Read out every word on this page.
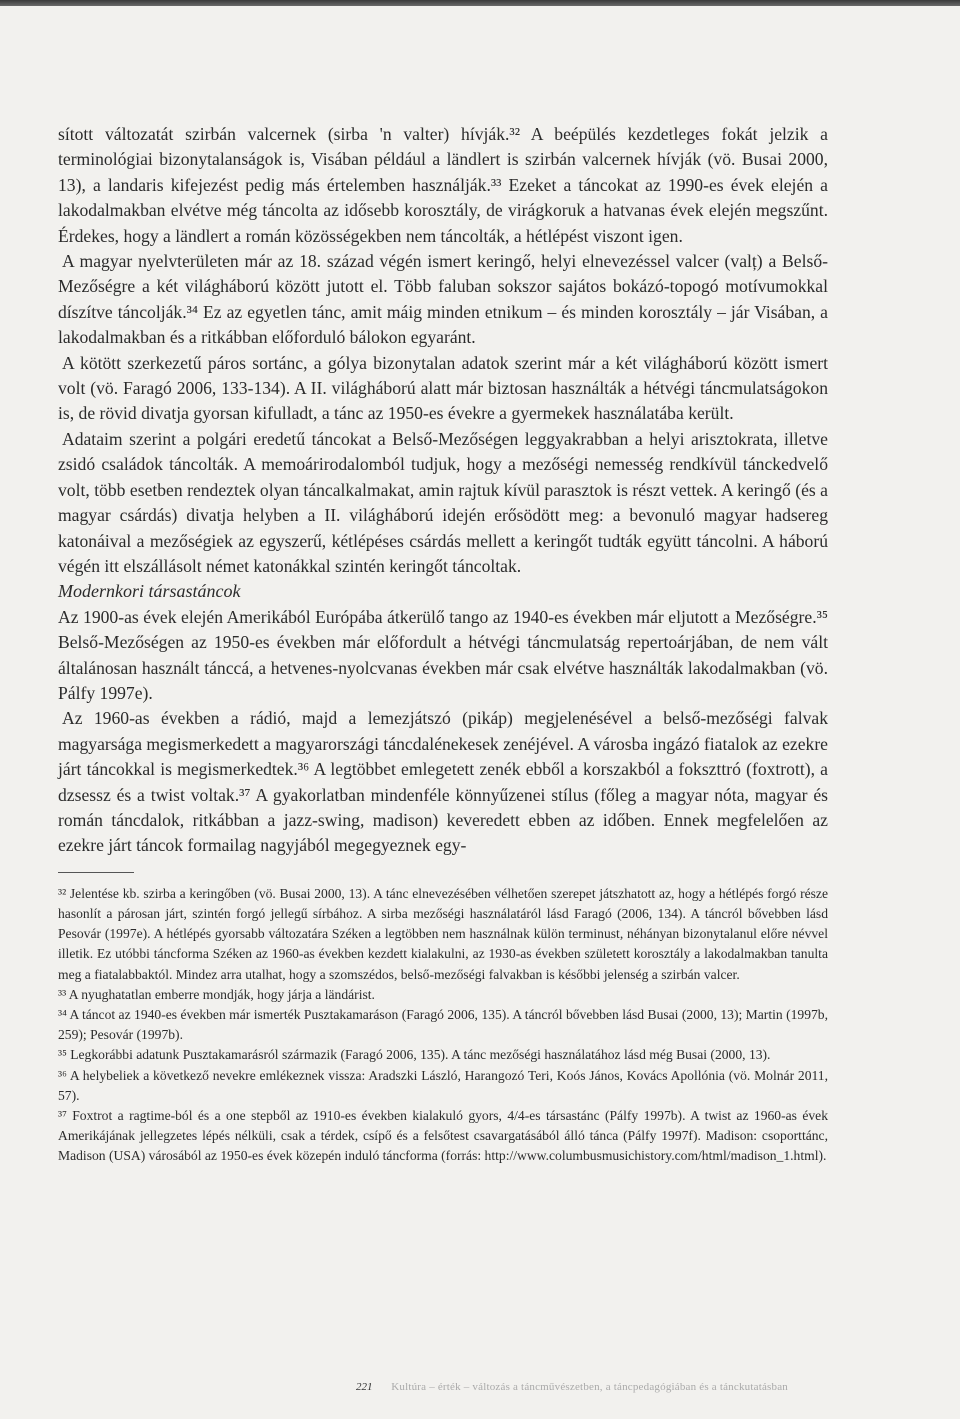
sított változatát szirbán valcernek (sirba 'n valter) hívják.³² A beépülés kezdetleges fokát jelzik a terminológiai bizonytalanságok is, Visában például a ländlert is szirbán valcernek hívják (vö. Busai 2000, 13), a landaris kifejezést pedig más értelemben használják.³³ Ezeket a táncokat az 1990-es évek elején a lakodalmakban elvétve még táncolta az idősebb korosztály, de virágkoruk a hatvanas évek elején megszűnt. Érdekes, hogy a ländlert a román közösségekben nem táncolták, a hétlépést viszont igen.

A magyar nyelvterületen már az 18. század végén ismert keringő, helyi elnevezéssel valcer (valț) a Belső-Mezőségre a két világháború között jutott el. Több faluban sokszor sajátos bokázó-topogó motívumokkal díszítve táncolják.³⁴ Ez az egyetlen tánc, amit máig minden etnikum – és minden korosztály – jár Visában, a lakodalmakban és a ritkábban előforduló bálokon egyaránt.

A kötött szerkezetű páros sortánc, a gólya bizonytalan adatok szerint már a két világháború között ismert volt (vö. Faragó 2006, 133-134). A II. világháború alatt már biztosan használták a hétvégi táncmulatságokon is, de rövid divatja gyorsan kifulladt, a tánc az 1950-es évekre a gyermekek használatába került.

Adataim szerint a polgári eredetű táncokat a Belső-Mezőségen leggyakrabban a helyi arisztokrata, illetve zsidó családok táncolták. A memoárirodalomból tudjuk, hogy a mezőségi nemesség rendkívül tánckedvelő volt, több esetben rendeztek olyan táncalkalmakat, amin rajtuk kívül parasztok is részt vettek. A keringő (és a magyar csárdás) divatja helyben a II. világháború idején erősödött meg: a bevonuló magyar hadsereg katonáival a mezőségiek az egyszerű, kétlépéses csárdás mellett a keringőt tudták együtt táncolni. A háború végén itt elszállásolt német katonákkal szintén keringőt táncoltak.

Modernkori társastáncok

Az 1900-as évek elején Amerikából Európába átkerülő tango az 1940-es években már eljutott a Mezőségre.³⁵ Belső-Mezőségen az 1950-es években már előfordult a hétvégi táncmulatság repertoárjában, de nem vált általánosan használt tánccá, a hetvenes-nyolcvanas években már csak elvétve használták lakodalmakban (vö. Pálfy 1997e).

Az 1960-as években a rádió, majd a lemezjátszó (pikáp) megjelenésével a belső-mezőségi falvak magyarsága megismerkedett a magyarországi táncdalénekesek zenéjével. A városba ingázó fiatalok az ezekre járt táncokkal is megismerkedtek.³⁶ A legtöbbet emlegetett zenék ebből a korszakból a fokszttró (foxtrott), a dzsessz és a twist voltak.³⁷ A gyakorlatban mindenféle könnyűzenei stílus (főleg a magyar nóta, magyar és román táncdalok, ritkábban a jazz-swing, madison) keveredett ebben az időben. Ennek megfelelően az ezekre járt táncok formailag nagyjából megegyeznek egy-

³² Jelentése kb. szirba a keringőben (vö. Busai 2000, 13). A tánc elnevezésében vélhetően szerepet játszhatott az, hogy a hétlépés forgó része hasonlít a párosan járt, szintén forgó jellegű sírbához. A sirba mezőségi használatáról lásd Faragó (2006, 134). A táncról bővebben lásd Pesovár (1997e). A hétlépés gyorsabb változatára Széken a legtöbben nem használnak külön terminust, néhányan bizonytalanul előre névvel illetik. Ez utóbbi táncforma Széken az 1960-as években kezdett kialakulni, az 1930-as években született korosztály a lakodalmakban tanulta meg a fiatalabbaktól. Mindez arra utalhat, hogy a szomszédos, belső-mezőségi falvakban is későbbi jelenség a szirbán valcer.

³³ A nyughatatlan emberre mondják, hogy járja a ländárist.

³⁴ A táncot az 1940-es években már ismerték Pusztakamaráson (Faragó 2006, 135). A táncról bővebben lásd Busai (2000, 13); Martin (1997b, 259); Pesovár (1997b).

³⁵ Legkorábbi adatunk Pusztakamarásról származik (Faragó 2006, 135). A tánc mezőségi használatához lásd még Busai (2000, 13).

³⁶ A helybeliek a következő nevekre emlékeznek vissza: Aradszki László, Harangozó Teri, Koós János, Kovács Apollónia (vö. Molnár 2011, 57).

³⁷ Foxtrot a ragtime-ból és a one stepből az 1910-es években kialakuló gyors, 4/4-es társastánc (Pálfy 1997b). A twist az 1960-as évek Amerikájának jellegzetes lépés nélküli, csak a térdek, csípő és a felsőtest csavargatásából álló tánca (Pálfy 1997f). Madison: csoporttánc, Madison (USA) városából az 1950-es évek közepén induló táncforma (forrás: http://www.columbusmusichistory.com/html/madison_1.html).

221 Kultúra – érték – változás a táncművészetben, a táncpedagógiában és a tánckutatásban
